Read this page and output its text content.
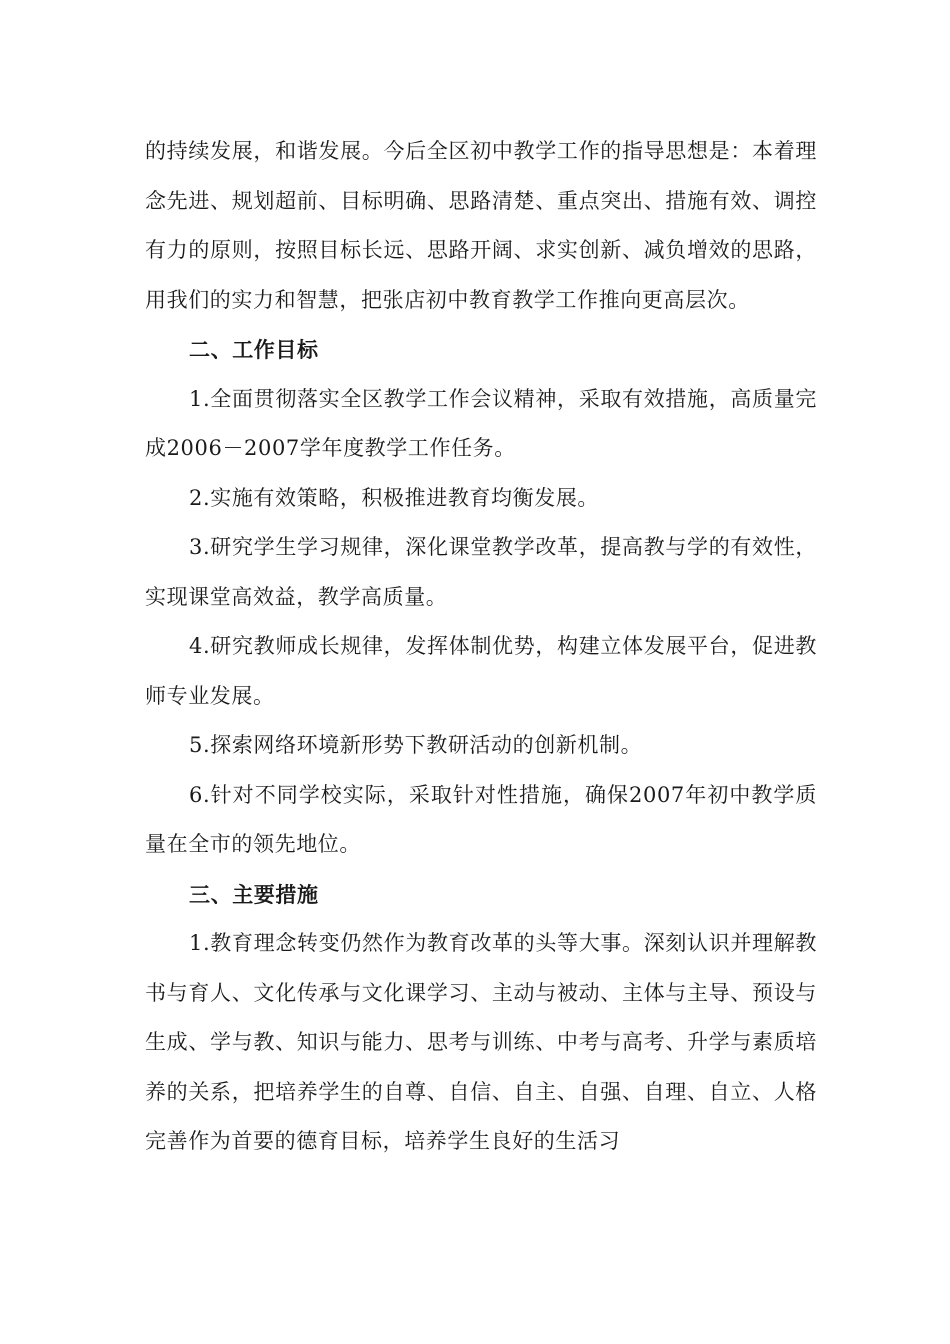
的持续发展，和谐发展。今后全区初中教学工作的指导思想是：本着理念先进、规划超前、目标明确、思路清楚、重点突出、措施有效、调控有力的原则，按照目标长远、思路开阔、求实创新、减负增效的思路，用我们的实力和智慧，把张店初中教育教学工作推向更高层次。

二、工作目标

1.全面贯彻落实全区教学工作会议精神，采取有效措施，高质量完成2006－2007学年度教学工作任务。

2.实施有效策略，积极推进教育均衡发展。

3.研究学生学习规律，深化课堂教学改革，提高教与学的有效性，实现课堂高效益，教学高质量。

4.研究教师成长规律，发挥体制优势，构建立体发展平台，促进教师专业发展。

5.探索网络环境新形势下教研活动的创新机制。

6.针对不同学校实际，采取针对性措施，确保2007年初中教学质量在全市的领先地位。

三、主要措施

1.教育理念转变仍然作为教育改革的头等大事。深刻认识并理解教书与育人、文化传承与文化课学习、主动与被动、主体与主导、预设与生成、学与教、知识与能力、思考与训练、中考与高考、升学与素质培养的关系，把培养学生的自尊、自信、自主、自强、自理、自立、人格完善作为首要的德育目标，培养学生良好的生活习
